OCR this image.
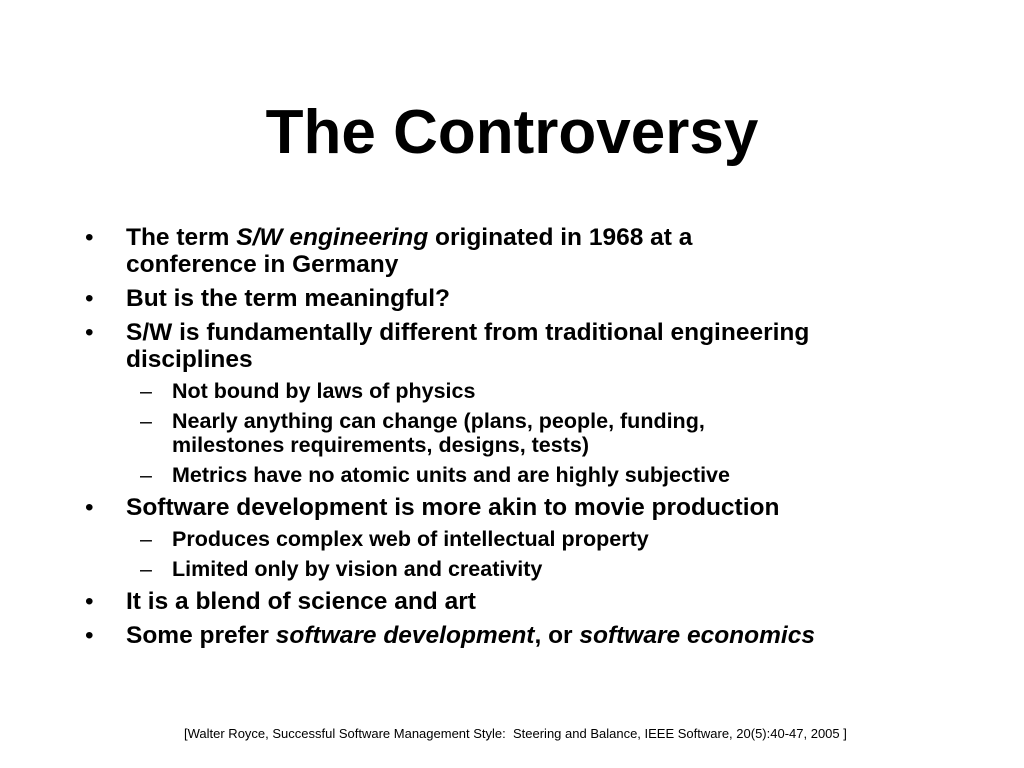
The Controversy
• The term S/W engineering originated in 1968 at a
conference in Germany
• But is the term meaningful?
• S/W is fundamentally different from traditional engineering
disciplines
– Not bound by laws of physics
– Nearly anything can change (plans, people, funding,
milestones requirements, designs, tests)
– Metrics have no atomic units and are highly subjective
• Software development is more akin to movie production
– Produces complex web of intellectual property
– Limited only by vision and creativity
• It is a blend of science and art
• Some prefer software development, or software economics
[Walter Royce, Successful Software Management Style:  Steering and Balance, IEEE Software, 20(5):40-47, 2005 ]
